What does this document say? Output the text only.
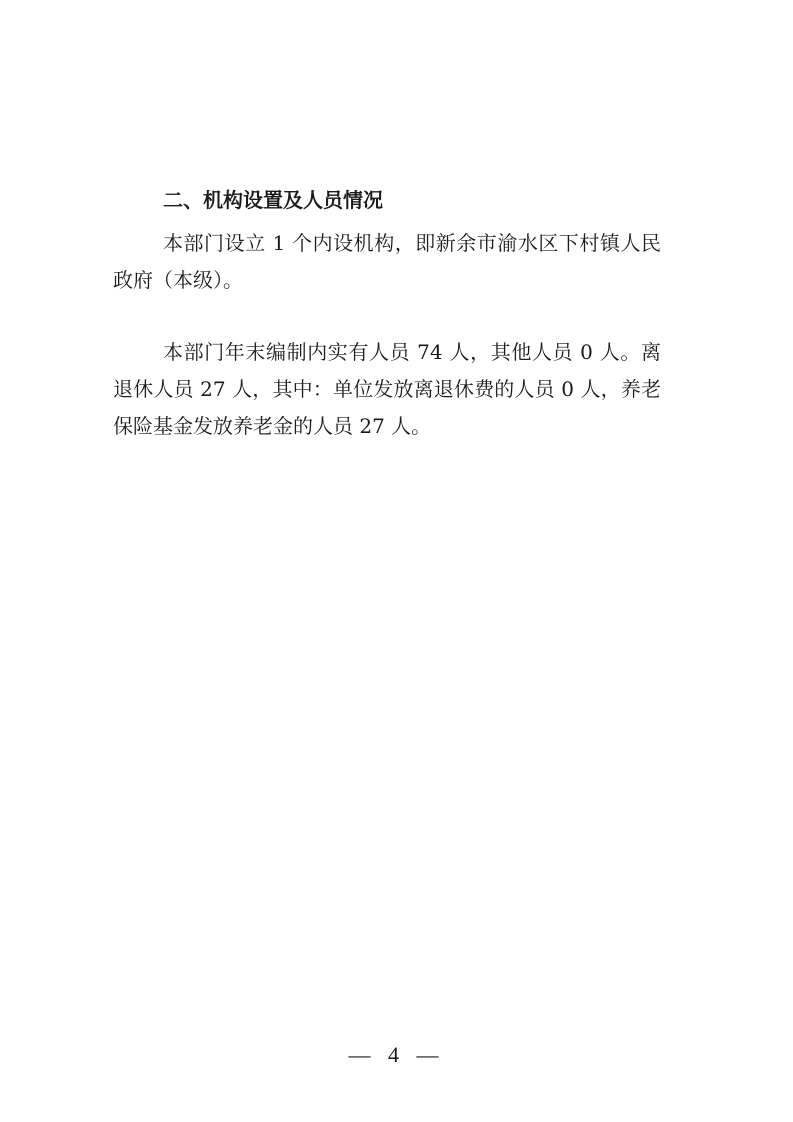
二、机构设置及人员情况

本部门设立 1 个内设机构，即新余市渝水区下村镇人民政府（本级）。

本部门年末编制内实有人员 74 人，其他人员 0 人。离退休人员 27 人，其中：单位发放离退休费的人员 0 人，养老保险基金发放养老金的人员 27 人。

— 4 —
